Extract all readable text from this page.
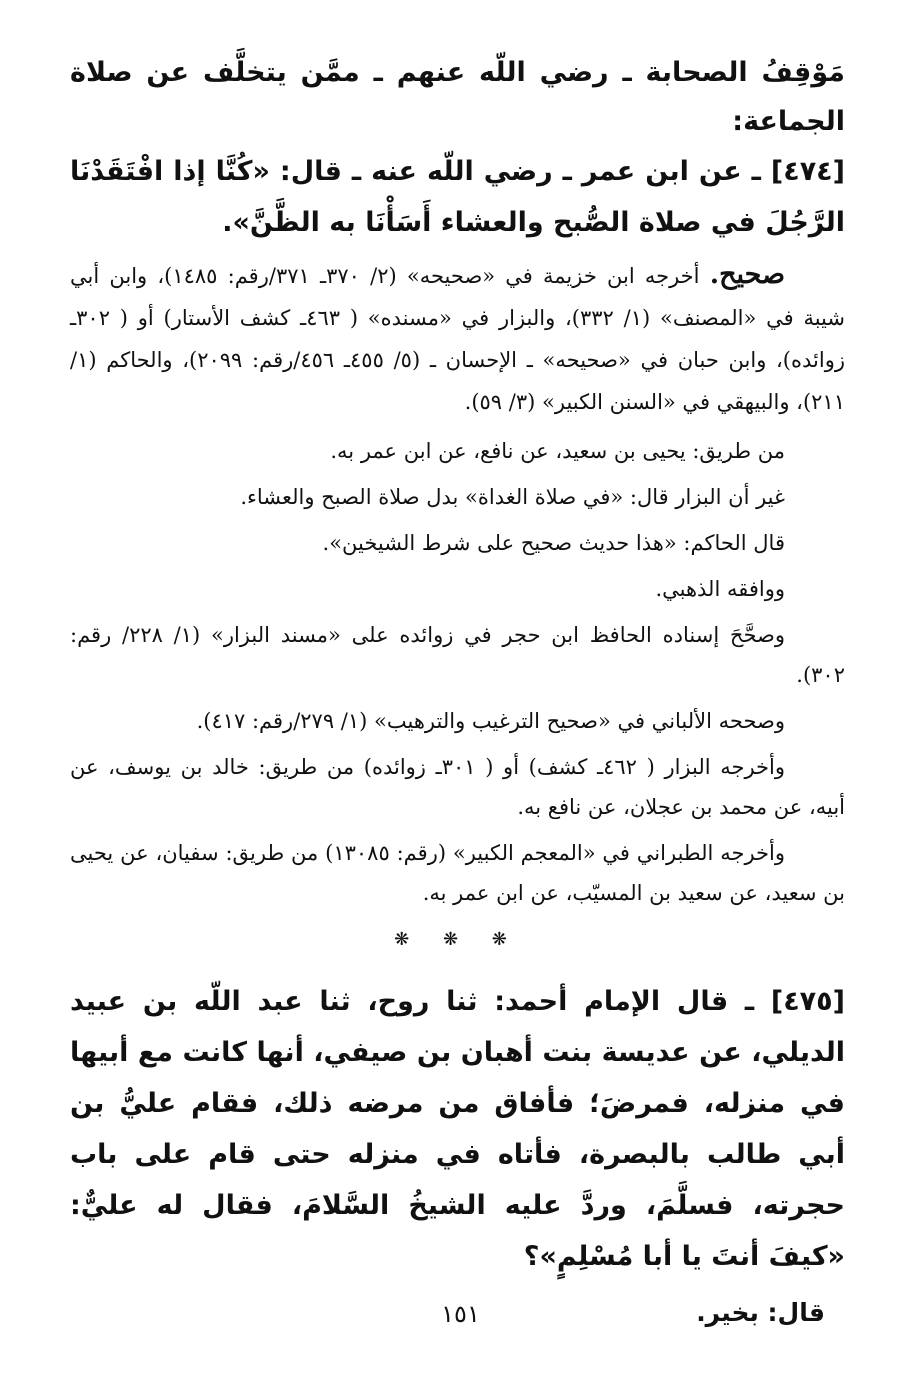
مَوْقِفُ الصحابة ـ رضي اللّه عنهم ـ ممَّن يتخلَّف عن صلاة الجماعة:

[٤٧٤] ـ عن ابن عمر ـ رضي اللّه عنه ـ قال: «كُنَّا إذا افْتَقَدْنَا الرَّجُلَ في صلاة الصُّبح والعشاء أَسَأْنَا به الظَّنَّ».

صحيح. أخرجه ابن خزيمة في «صحيحه» (٢/ ٣٧٠ـ ٣٧١/رقم: ١٤٨٥)، وابن أبي شيبة في «المصنف» (١/ ٣٣٢)، والبزار في «مسنده» ( ٤٦٣ـ كشف الأستار) أو ( ٣٠٢ـ زوائده)، وابن حبان في «صحيحه» ـ الإحسان ـ (٥/ ٤٥٥ـ ٤٥٦/رقم: ٢٠٩٩)، والحاكم (١/ ٢١١)، والبيهقي في «السنن الكبير» (٣/ ٥٩).

من طريق: يحيى بن سعيد، عن نافع، عن ابن عمر به.

غير أن البزار قال: «في صلاة الغداة» بدل صلاة الصبح والعشاء.

قال الحاكم: «هذا حديث صحيح على شرط الشيخين».

ووافقه الذهبي.

وصحَّحَ إسناده الحافظ ابن حجر في زوائده على «مسند البزار» (١/ ٢٢٨/ رقم: ٣٠٢).

وصححه الألباني في «صحيح الترغيب والترهيب» (١/ ٢٧٩/رقم: ٤١٧).

وأخرجه البزار ( ٤٦٢ـ كشف) أو ( ٣٠١ـ زوائده) من طريق: خالد بن يوسف، عن أبيه، عن محمد بن عجلان، عن نافع به.

وأخرجه الطبراني في «المعجم الكبير» (رقم: ١٣٠٨٥) من طريق: سفيان، عن يحيى بن سعيد، عن سعيد بن المسيّب، عن ابن عمر به.

❋ ❋ ❋

[٤٧٥] ـ قال الإمام أحمد: ثنا روح، ثنا عبد اللّه بن عبيد الديلي، عن عديسة بنت أهبان بن صيفي، أنها كانت مع أبيها في منزله، فمرضَ؛ فأفاق من مرضه ذلك، فقام عليُّ بن أبي طالب بالبصرة، فأتاه في منزله حتى قام على باب حجرته، فسلَّمَ، وردَّ عليه الشيخُ السَّلامَ، فقال له عليٌّ: «كيفَ أنتَ يا أبا مُسْلِمٍ»؟

قال: بخير.

١٥١
